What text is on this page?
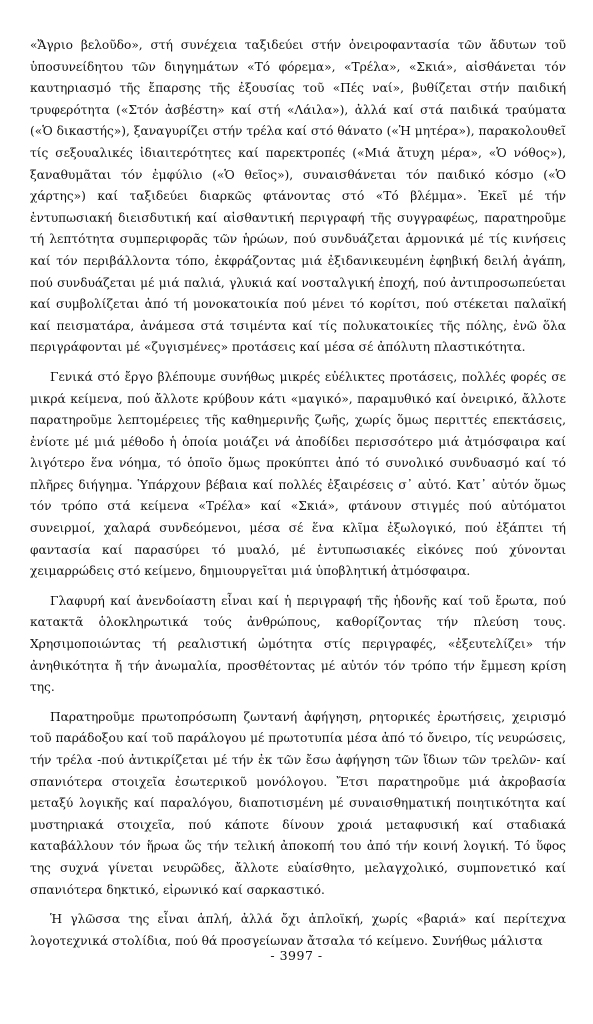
«Ἄγριο βελοῦδο», στή συνέχεια ταξιδεύει στήν ὀνειροφαντασία τῶν ἄδυτων τοῦ ὑποσυνείδητου τῶν διηγημάτων «Τό φόρεμα», «Τρέλα», «Σκιά», αἰσθάνεται τόν καυτηριασμό τῆς ἔπαρσης τῆς ἐξουσίας τοῦ «Πές ναί», βυθίζεται στήν παιδική τρυφερότητα («Στόν ἀσβέστη» καί στή «Λάιλα»), ἀλλά καί στά παιδικά τραύματα («Ὁ δικαστής»), ξαναγυρίζει στήν τρέλα καί στό θάνατο («Ἡ μητέρα»), παρακολουθεῖ τίς σεξουαλικές ἰδιαιτερότητες καί παρεκτροπές («Μιά ἄτυχη μέρα», «Ὁ νόθος»), ξαναθυμᾶται τόν ἐμφύλιο («Ὁ θεῖος»), συναισθάνεται τόν παιδικό κόσμο («Ὁ χάρτης») καί ταξιδεύει διαρκῶς φτάνοντας στό «Τό βλέμμα». Ἐκεῖ μέ τήν ἐντυπωσιακή διεισδυτική καί αἰσθαντική περιγραφή τῆς συγγραφέως, παρατηροῦμε τή λεπτότητα συμπεριφορᾶς τῶν ἡρώων, πού συνδυάζεται ἁρμονικά μέ τίς κινήσεις καί τόν περιβάλλοντα τόπο, ἐκφράζοντας μιά ἐξιδανικευμένη ἐφηβική δειλή ἀγάπη, πού συνδυάζεται μέ μιά παλιά, γλυκιά καί νοσταλγική ἐποχή, πού ἀντιπροσωπεύεται καί συμβολίζεται ἀπό τή μονοκατοικία πού μένει τό κορίτσι, πού στέκεται παλαϊκή καί πεισματάρα, ἀνάμεσα στά τσιμέντα καί τίς πολυκατοικίες τῆς πόλης, ἐνῶ ὅλα περιγράφονται μέ «ζυγισμένες» προτάσεις καί μέσα σέ ἀπόλυτη πλαστικότητα.

Γενικά στό ἔργο βλέπουμε συνήθως μικρές εὐέλικτες προτάσεις, πολλές φορές σε μικρά κείμενα, πού ἄλλοτε κρύβουν κάτι «μαγικό», παραμυθικό καί ὀνειρικό, ἄλλοτε παρατηροῦμε λεπτομέρειες τῆς καθημερινῆς ζωῆς, χωρίς ὅμως περιττές επεκτάσεις, ἐνίοτε μέ μιά μέθοδο ἡ ὁποία μοιάζει νά ἀποδίδει περισσότερο μιά ἀτμόσφαιρα καί λιγότερο ἕνα νόημα, τό ὁποῖο ὅμως προκύπτει ἀπό τό συνολικό συνδυασμό καί τό πλῆρες διήγημα. Ὑπάρχουν βέβαια καί πολλές ἐξαιρέσεις σ᾿ αὐτό. Κατ᾿ αὐτόν ὅμως τόν τρόπο στά κείμενα «Τρέλα» καί «Σκιά», φτάνουν στιγμές πού αὐτόματοι συνειρμοί, χαλαρά συνδεόμενοι, μέσα σέ ἕνα κλῖμα ἐξωλογικό, πού ἐξάπτει τή φαντασία καί παρασύρει τό μυαλό, μέ ἐντυπωσιακές εἰκόνες πού χύνονται χειμαρρώδεις στό κείμενο, δημιουργεῖται μιά ὑποβλητική ἀτμόσφαιρα.

Γλαφυρή καί ἀνενδοίαστη εἶναι καί ἡ περιγραφή τῆς ἡδονῆς καί τοῦ ἔρωτα, πού κατακτᾶ ὁλοκληρωτικά τούς ἀνθρώπους, καθορίζοντας τήν πλεύση τους. Χρησιμοποιώντας τή ρεαλιστική ὠμότητα στίς περιγραφές, «ἐξευτελίζει» τήν ἀνηθικότητα ἤ τήν ἀνωμαλία, προσθέτοντας μέ αὐτόν τόν τρόπο τήν ἔμμεση κρίση της.

Παρατηροῦμε πρωτοπρόσωπη ζωντανή ἀφήγηση, ρητορικές ἐρωτήσεις, χειρισμό τοῦ παράδοξου καί τοῦ παράλογου μέ πρωτοτυπία μέσα ἀπό τό ὄνειρο, τίς νευρώσεις, τήν τρέλα -πού ἀντικρίζεται μέ τήν ἐκ τῶν ἔσω ἀφήγηση τῶν ἴδιων τῶν τρελῶν- καί σπανιότερα στοιχεῖα ἐσωτερικοῦ μονόλογου. Ἔτσι παρατηροῦμε μιά ἀκροβασία μεταξύ λογικῆς καί παραλόγου, διαποτισμένη μέ συναισθηματική ποιητικότητα καί μυστηριακά στοιχεῖα, πού κάποτε δίνουν χροιά μεταφυσική καί σταδιακά καταβάλλουν τόν ἥρωα ὥς τήν τελική ἀποκοπή του ἀπό τήν κοινή λογική. Τό ὕφος της συχνά γίνεται νευρῶδες, ἄλλοτε εὐαίσθητο, μελαγχολικό, συμπονετικό καί σπανιότερα δηκτικό, εἰρωνικό καί σαρκαστικό.

Ἡ γλῶσσα της εἶναι ἁπλή, ἀλλά ὄχι ἁπλοϊκή, χωρίς «βαριά» καί περίτεχνα λογοτεχνικά στολίδια, πού θά προσγείωναν ἄτσαλα τό κείμενο. Συνήθως μάλιστα

- 3997 -
